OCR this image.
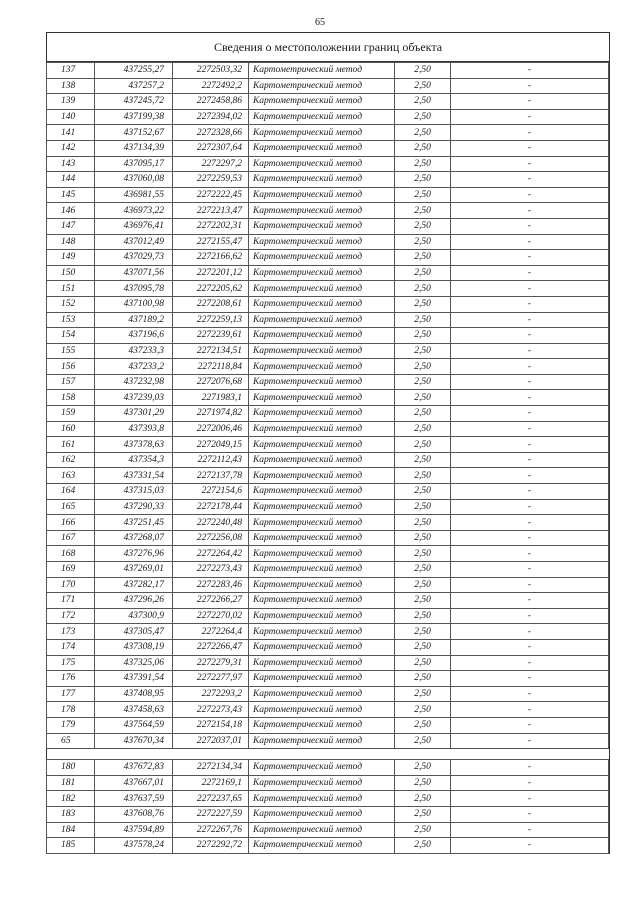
65
Сведения о местоположении границ объекта
137	437255,27	2272503,32	Картометрический метод	2,50	-
138	437257,2	2272492,2	Картометрический метод	2,50	-
139	437245,72	2272458,86	Картометрический метод	2,50	-
140	437199,38	2272394,02	Картометрический метод	2,50	-
141	437152,67	2272328,66	Картометрический метод	2,50	-
142	437134,39	2272307,64	Картометрический метод	2,50	-
143	437095,17	2272297,2	Картометрический метод	2,50	-
144	437060,08	2272259,53	Картометрический метод	2,50	-
145	436981,55	2272222,45	Картометрический метод	2,50	-
146	436973,22	2272213,47	Картометрический метод	2,50	-
147	436976,41	2272202,31	Картометрический метод	2,50	-
148	437012,49	2272155,47	Картометрический метод	2,50	-
149	437029,73	2272166,62	Картометрический метод	2,50	-
150	437071,56	2272201,12	Картометрический метод	2,50	-
151	437095,78	2272205,62	Картометрический метод	2,50	-
152	437100,98	2272208,61	Картометрический метод	2,50	-
153	437189,2	2272259,13	Картометрический метод	2,50	-
154	437196,6	2272239,61	Картометрический метод	2,50	-
155	437233,3	2272134,51	Картометрический метод	2,50	-
156	437233,2	2272118,84	Картометрический метод	2,50	-
157	437232,98	2272076,68	Картометрический метод	2,50	-
158	437239,03	2271983,1	Картометрический метод	2,50	-
159	437301,29	2271974,82	Картометрический метод	2,50	-
160	437393,8	2272006,46	Картометрический метод	2,50	-
161	437378,63	2272049,15	Картометрический метод	2,50	-
162	437354,3	2272112,43	Картометрический метод	2,50	-
163	437331,54	2272137,78	Картометрический метод	2,50	-
164	437315,03	2272154,6	Картометрический метод	2,50	-
165	437290,33	2272178,44	Картометрический метод	2,50	-
166	437251,45	2272240,48	Картометрический метод	2,50	-
167	437268,07	2272256,08	Картометрический метод	2,50	-
168	437276,96	2272264,42	Картометрический метод	2,50	-
169	437269,01	2272273,43	Картометрический метод	2,50	-
170	437282,17	2272283,46	Картометрический метод	2,50	-
171	437296,26	2272266,27	Картометрический метод	2,50	-
172	437300,9	2272270,02	Картометрический метод	2,50	-
173	437305,47	2272264,4	Картометрический метод	2,50	-
174	437308,19	2272266,47	Картометрический метод	2,50	-
175	437325,06	2272279,31	Картометрический метод	2,50	-
176	437391,54	2272277,97	Картометрический метод	2,50	-
177	437408,95	2272293,2	Картометрический метод	2,50	-
178	437458,63	2272273,43	Картометрический метод	2,50	-
179	437564,59	2272154,18	Картометрический метод	2,50	-
65	437670,34	2272037,01	Картометрический метод	2,50	-

180	437672,83	2272134,34	Картометрический метод	2,50	-
181	437667,01	2272169,1	Картометрический метод	2,50	-
182	437637,59	2272237,65	Картометрический метод	2,50	-
183	437608,76	2272227,59	Картометрический метод	2,50	-
184	437594,89	2272267,76	Картометрический метод	2,50	-
185	437578,24	2272292,72	Картометрический метод	2,50	-
